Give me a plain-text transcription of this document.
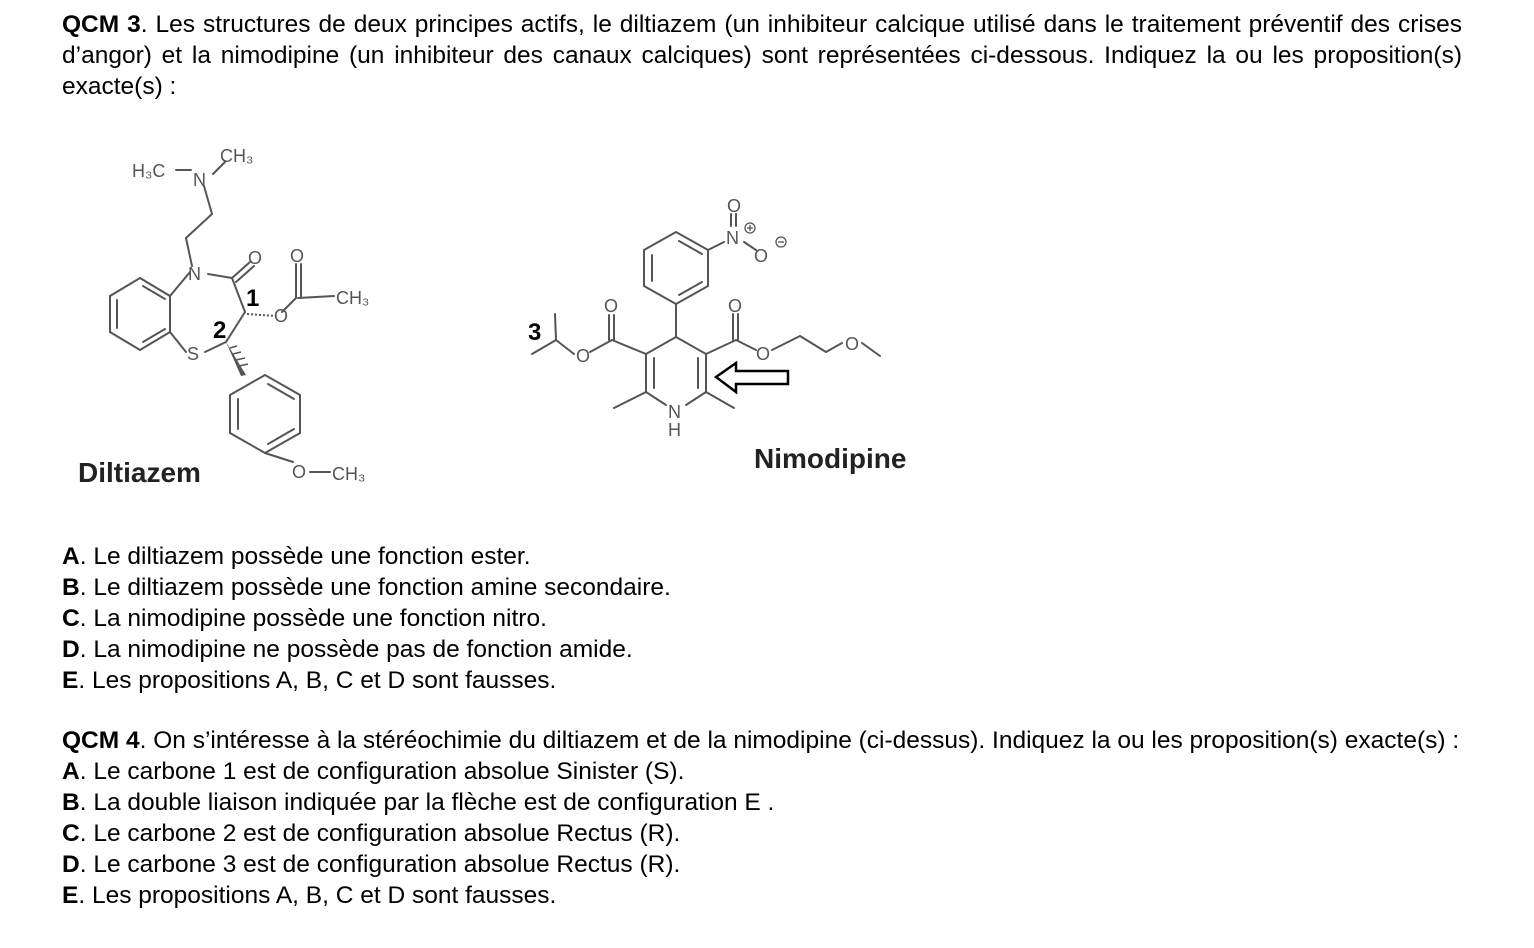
QCM 3. Les structures de deux principes actifs, le diltiazem (un inhibiteur calcique utilisé dans le traitement préventif des crises d’angor) et la nimodipine (un inhibiteur des canaux calciques) sont représentées ci-dessous. Indiquez la ou les proposition(s) exacte(s) :
H₃C N
CH₃
N
S
O
O
O
CH₃
O CH₃
1
2	3
O
N
O
O
O
O
O	O
N
H
Diltiazem	Nimodipine
A. Le diltiazem possède une fonction ester.
B. Le diltiazem possède une fonction amine secondaire.
C. La nimodipine possède une fonction nitro.
D. La nimodipine ne possède pas de fonction amide.
E. Les propositions A, B, C et D sont fausses.
QCM 4. On s’intéresse à la stéréochimie du diltiazem et de la nimodipine (ci-dessus). Indiquez la ou les proposition(s) exacte(s) :
A. Le carbone 1 est de configuration absolue Sinister (S).
B. La double liaison indiquée par la flèche est de configuration E .
C. Le carbone 2 est de configuration absolue Rectus (R).
D. Le carbone 3 est de configuration absolue Rectus (R).
E. Les propositions A, B, C et D sont fausses.
